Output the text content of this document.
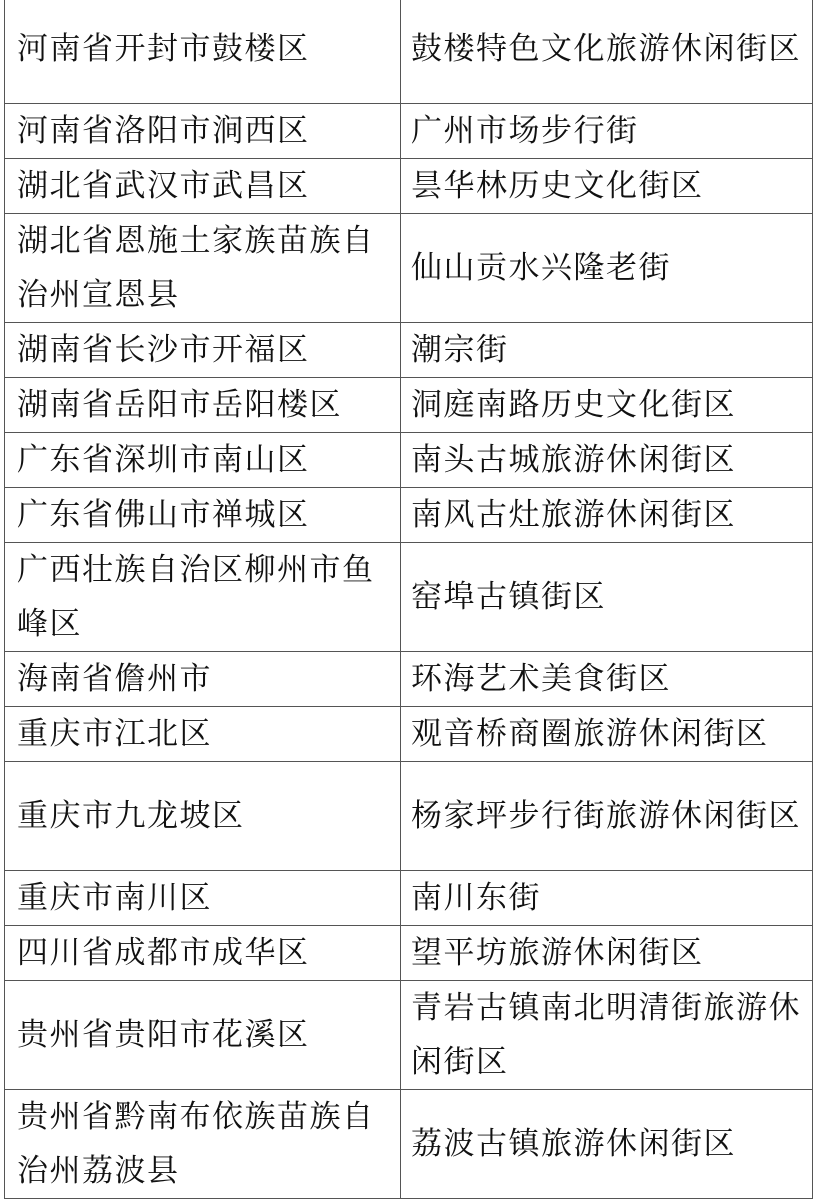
河南省开封市鼓楼区	鼓楼特色文化旅游休闲街区
河南省洛阳市涧西区	广州市场步行街
湖北省武汉市武昌区	昙华林历史文化街区
湖北省恩施土家族苗族自治州宣恩县	仙山贡水兴隆老街
湖南省长沙市开福区	潮宗街
湖南省岳阳市岳阳楼区	洞庭南路历史文化街区
广东省深圳市南山区	南头古城旅游休闲街区
广东省佛山市禅城区	南风古灶旅游休闲街区
广西壮族自治区柳州市鱼峰区	窑埠古镇街区
海南省儋州市	环海艺术美食街区
重庆市江北区	观音桥商圈旅游休闲街区
重庆市九龙坡区	杨家坪步行街旅游休闲街区
重庆市南川区	南川东街
四川省成都市成华区	望平坊旅游休闲街区
贵州省贵阳市花溪区	青岩古镇南北明清街旅游休闲街区
贵州省黔南布依族苗族自治州荔波县	荔波古镇旅游休闲街区
